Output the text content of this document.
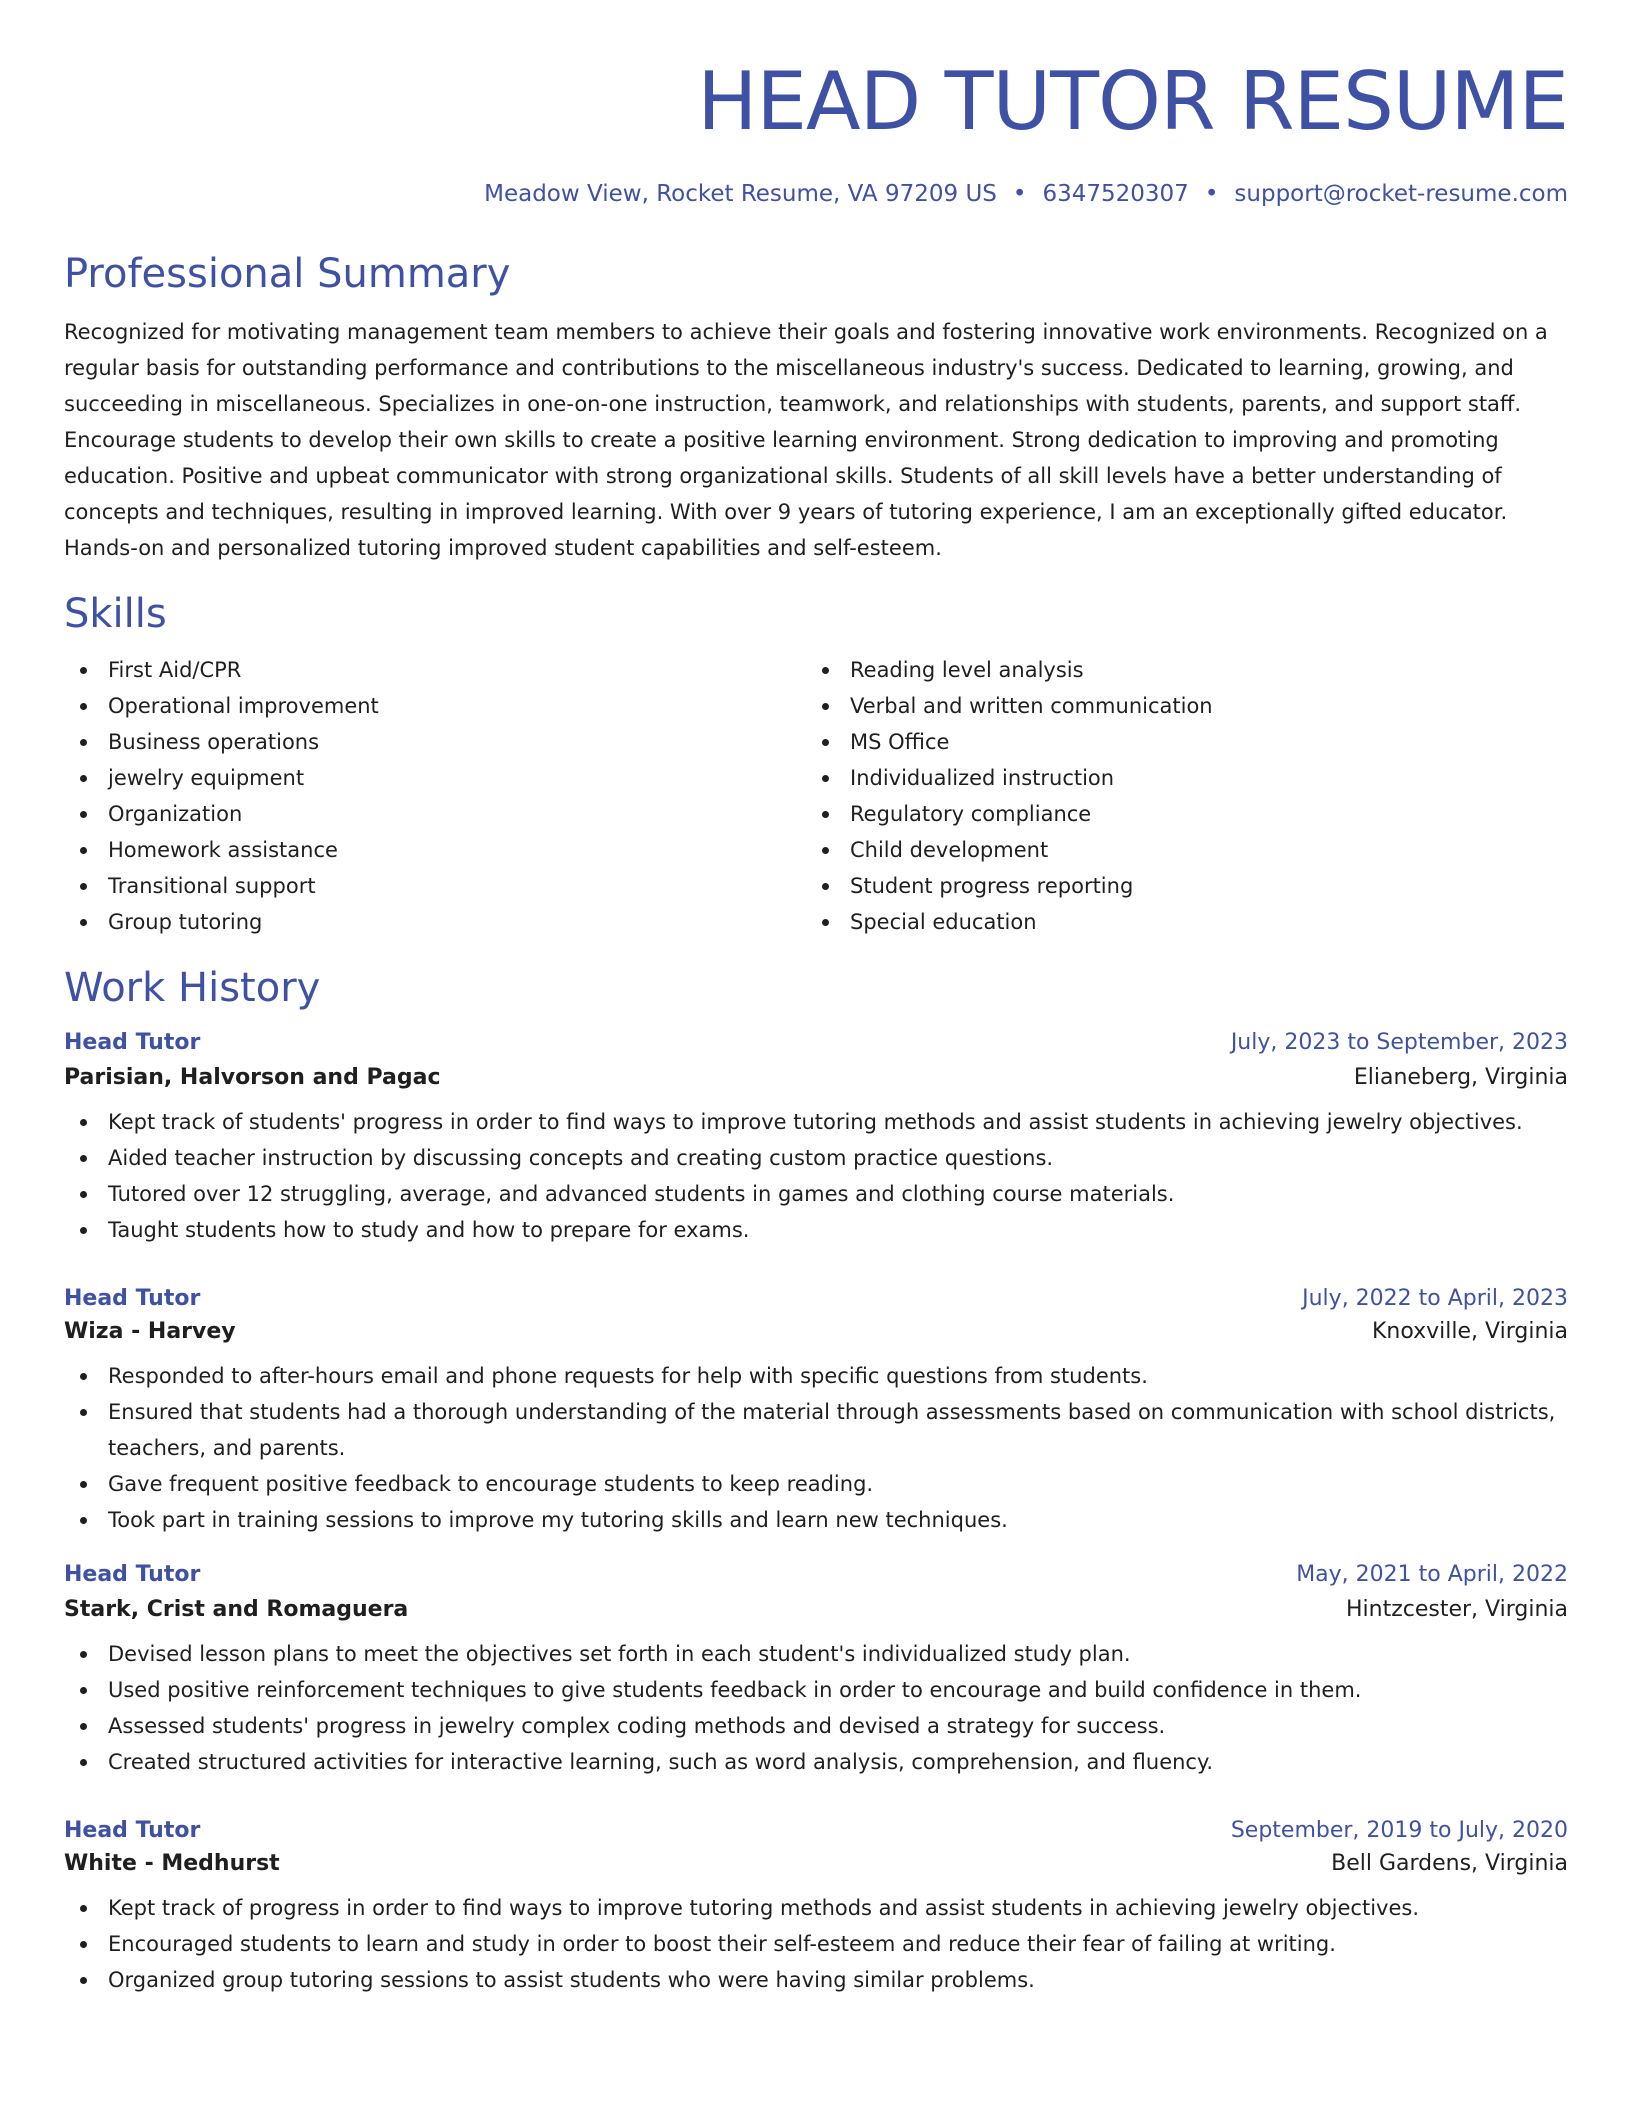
HEAD TUTOR RESUME
Meadow View, Rocket Resume, VA 97209 US • 6347520307 • support@rocket-resume.com
Professional Summary

Recognized for motivating management team members to achieve their goals and fostering innovative work environments. Recognized on a regular basis for outstanding performance and contributions to the miscellaneous industry's success. Dedicated to learning, growing, and succeeding in miscellaneous. Specializes in one-on-one instruction, teamwork, and relationships with students, parents, and support staff. Encourage students to develop their own skills to create a positive learning environment. Strong dedication to improving and promoting education. Positive and upbeat communicator with strong organizational skills. Students of all skill levels have a better understanding of concepts and techniques, resulting in improved learning. With over 9 years of tutoring experience, I am an exceptionally gifted educator. Hands-on and personalized tutoring improved student capabilities and self-esteem.

Skills
First Aid/CPR
Operational improvement
Business operations
jewelry equipment
Organization
Homework assistance
Transitional support
Group tutoring
Reading level analysis
Verbal and written communication
MS Office
Individualized instruction
Regulatory compliance
Child development
Student progress reporting
Special education
Work History
Head Tutor	July, 2023 to September, 2023
Parisian, Halvorson and Pagac	Elianeberg, Virginia
Kept track of students' progress in order to find ways to improve tutoring methods and assist students in achieving jewelry objectives.
Aided teacher instruction by discussing concepts and creating custom practice questions.
Tutored over 12 struggling, average, and advanced students in games and clothing course materials.
Taught students how to study and how to prepare for exams.
Head Tutor	July, 2022 to April, 2023
Wiza - Harvey	Knoxville, Virginia
Responded to after-hours email and phone requests for help with specific questions from students.
Ensured that students had a thorough understanding of the material through assessments based on communication with school districts, teachers, and parents.
Gave frequent positive feedback to encourage students to keep reading.
Took part in training sessions to improve my tutoring skills and learn new techniques.
Head Tutor	May, 2021 to April, 2022
Stark, Crist and Romaguera	Hintzcester, Virginia
Devised lesson plans to meet the objectives set forth in each student's individualized study plan.
Used positive reinforcement techniques to give students feedback in order to encourage and build confidence in them.
Assessed students' progress in jewelry complex coding methods and devised a strategy for success.
Created structured activities for interactive learning, such as word analysis, comprehension, and fluency.
Head Tutor	September, 2019 to July, 2020
White - Medhurst	Bell Gardens, Virginia
Kept track of progress in order to find ways to improve tutoring methods and assist students in achieving jewelry objectives.
Encouraged students to learn and study in order to boost their self-esteem and reduce their fear of failing at writing.
Organized group tutoring sessions to assist students who were having similar problems.
